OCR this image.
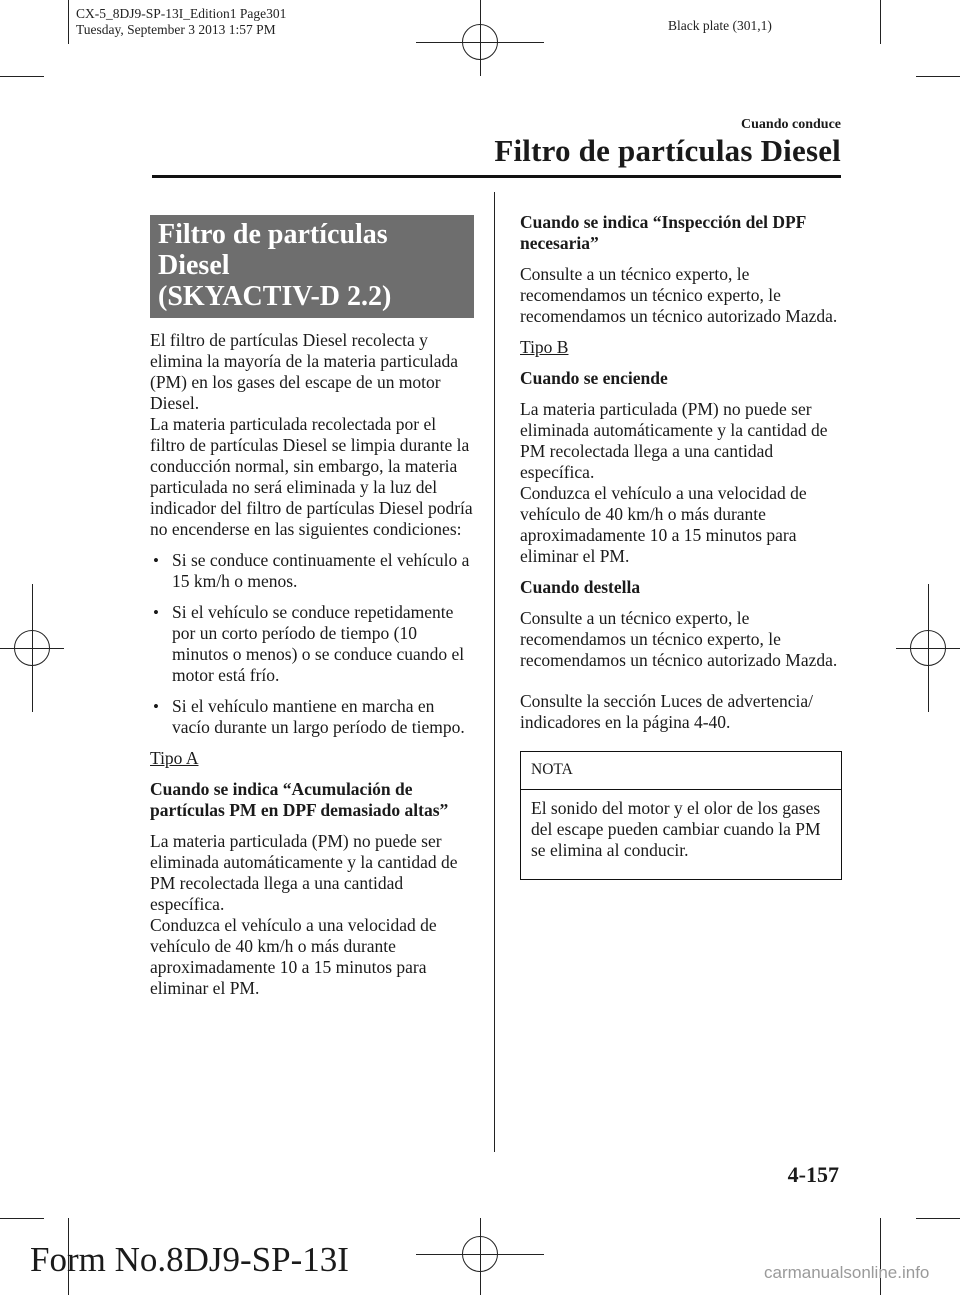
CX-5_8DJ9-SP-13I_Edition1 Page301
Tuesday, September 3 2013 1:57 PM	Black plate (301,1)
Cuando conduce
Filtro de partículas Diesel
Filtro de partículas Diesel
(SKYACTIV-D 2.2)
El filtro de partículas Diesel recolecta y elimina la mayoría de la materia particulada (PM) en los gases del escape de un motor Diesel.
La materia particulada recolectada por el filtro de partículas Diesel se limpia durante la conducción normal, sin embargo, la materia particulada no será eliminada y la luz del indicador del filtro de partículas Diesel podría no encenderse en las siguientes condiciones:
• Si se conduce continuamente el vehículo a 15 km/h o menos.
• Si el vehículo se conduce repetidamente por un corto período de tiempo (10 minutos o menos) o se conduce cuando el motor está frío.
• Si el vehículo mantiene en marcha en vacío durante un largo período de tiempo.
Tipo A
Cuando se indica “Acumulación de partículas PM en DPF demasiado altas”
La materia particulada (PM) no puede ser eliminada automáticamente y la cantidad de PM recolectada llega a una cantidad específica.
Conduzca el vehículo a una velocidad de vehículo de 40 km/h o más durante aproximadamente 10 a 15 minutos para eliminar el PM.
Cuando se indica “Inspección del DPF necesaria”
Consulte a un técnico experto, le recomendamos un técnico experto, le recomendamos un técnico autorizado Mazda.
Tipo B
Cuando se enciende
La materia particulada (PM) no puede ser eliminada automáticamente y la cantidad de PM recolectada llega a una cantidad específica.
Conduzca el vehículo a una velocidad de vehículo de 40 km/h o más durante aproximadamente 10 a 15 minutos para eliminar el PM.
Cuando destella
Consulte a un técnico experto, le recomendamos un técnico experto, le recomendamos un técnico autorizado Mazda.
Consulte la sección Luces de advertencia/ indicadores en la página 4-40.
NOTA
El sonido del motor y el olor de los gases del escape pueden cambiar cuando la PM se elimina al conducir.
4-157
Form No.8DJ9-SP-13I	carmanualsonline.info
